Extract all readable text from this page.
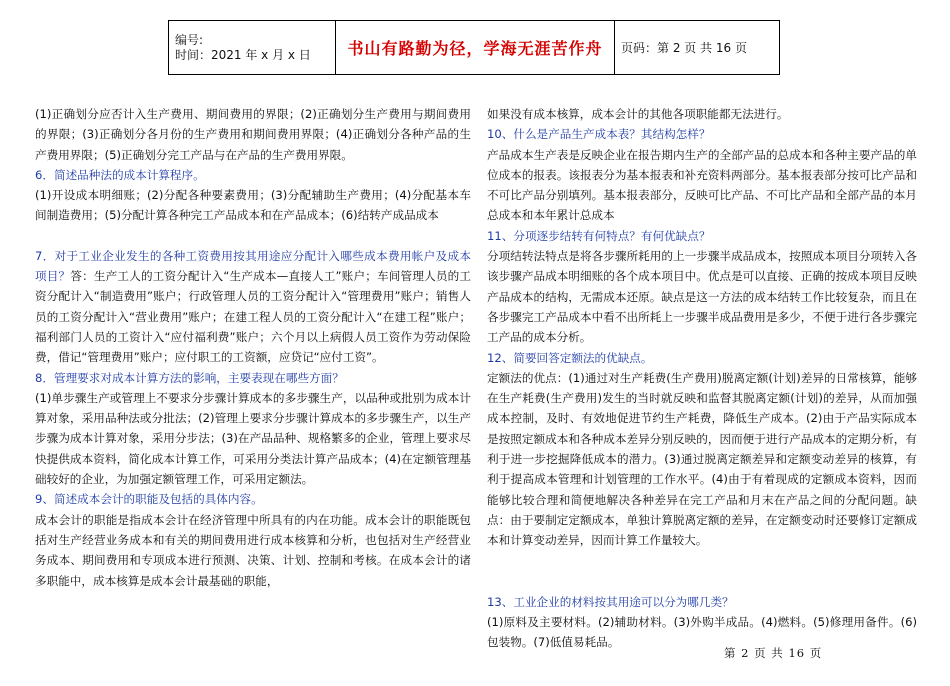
编号:
时间：2021 年 x 月 x 日	书山有路勤为径，学海无涯苦作舟	页码：第 2 页 共 16 页

(1)正确划分应否计入生产费用、期间费用的界限；(2)正确划分生产费用与期间费用的界限；(3)正确划分各月份的生产费用和期间费用界限；(4)正确划分各种产品的生产费用界限；(5)正确划分完工产品与在产品的生产费用界限。

6．简述品种法的成本计算程序。

(1)开设成本明细账；(2)分配各种要素费用；(3)分配辅助生产费用；(4)分配基本车间制造费用；(5)分配计算各种完工产品成本和在产品成本；(6)结转产成品成本

7．对于工业企业发生的各种工资费用按其用途应分配计入哪些成本费用帐户及成本项目？答：生产工人的工资分配计入“生产成本—直接人工”账户；车间管理人员的工资分配计入“制造费用”账户；行政管理人员的工资分配计入“管理费用”账户；销售人员的工资分配计入“营业费用”账户；在建工程人员的工资分配计入“在建工程”账户；福利部门人员的工资计入“应付福利费”账户；六个月以上病假人员工资作为劳动保险费，借记“管理费用”账户；应付职工的工资额，应贷记“应付工资”。

8．管理要求对成本计算方法的影响，主要表现在哪些方面？

(1)单步骤生产或管理上不要求分步骤计算成本的多步骤生产，以品种或批别为成本计算对象，采用品种法或分批法；(2)管理上要求分步骤计算成本的多步骤生产，以生产步骤为成本计算对象，采用分步法；(3)在产品品种、规格繁多的企业，管理上要求尽快提供成本资料，简化成本计算工作，可采用分类法计算产品成本；(4)在定额管理基础较好的企业，为加强定额管理工作，可采用定额法。

9、简述成本会计的职能及包括的具体内容。

成本会计的职能是指成本会计在经济管理中所具有的内在功能。成本会计的职能既包括对生产经营业务成本和有关的期间费用进行成本核算和分析，也包括对生产经营业务成本、期间费用和专项成本进行预测、决策、计划、控制和考核。在成本会计的诸多职能中，成本核算是成本会计最基础的职能，

如果没有成本核算，成本会计的其他各项职能都无法进行。

10、什么是产品生产成本表？其结构怎样？

产品成本生产表是反映企业在报告期内生产的全部产品的总成本和各种主要产品的单位成本的报表。该报表分为基本报表和补充资料两部分。基本报表部分按可比产品和不可比产品分别填列。基本报表部分，反映可比产品、不可比产品和全部产品的本月总成本和本年累计总成本

11、分项逐步结转有何特点？有何优缺点？

分项结转法特点是将各步骤所耗用的上一步骤半成品成本，按照成本项目分项转入各该步骤产品成本明细账的各个成本项目中。优点是可以直接、正确的按成本项目反映产品成本的结构，无需成本还原。缺点是这一方法的成本结转工作比较复杂，而且在各步骤完工产品成本中看不出所耗上一步骤半成品费用是多少，不便于进行各步骤完工产品的成本分析。

12、简要回答定额法的优缺点。

定额法的优点：(1)通过对生产耗费(生产费用)脱离定额(计划)差异的日常核算，能够在生产耗费(生产费用)发生的当时就反映和监督其脱离定额(计划)的差异，从而加强成本控制，及时、有效地促进节约生产耗费，降低生产成本。(2)由于产品实际成本是按照定额成本和各种成本差异分别反映的，因而便于进行产品成本的定期分析，有利于进一步挖掘降低成本的潜力。(3)通过脱离定额差异和定额变动差异的核算，有利于提高成本管理和计划管理的工作水平。(4)由于有着现成的定额成本资料，因而能够比较合理和简便地解决各种差异在完工产品和月末在产品之间的分配问题。缺点：由于要制定定额成本，单独计算脱离定额的差异，在定额变动时还要修订定额成本和计算变动差异，因而计算工作量较大。

13、工业企业的材料按其用途可以分为哪几类？

(1)原料及主要材料。(2)辅助材料。(3)外购半成品。(4)燃料。(5)修理用备件。(6)包装物。(7)低值易耗品。

第 2 页 共 16 页
